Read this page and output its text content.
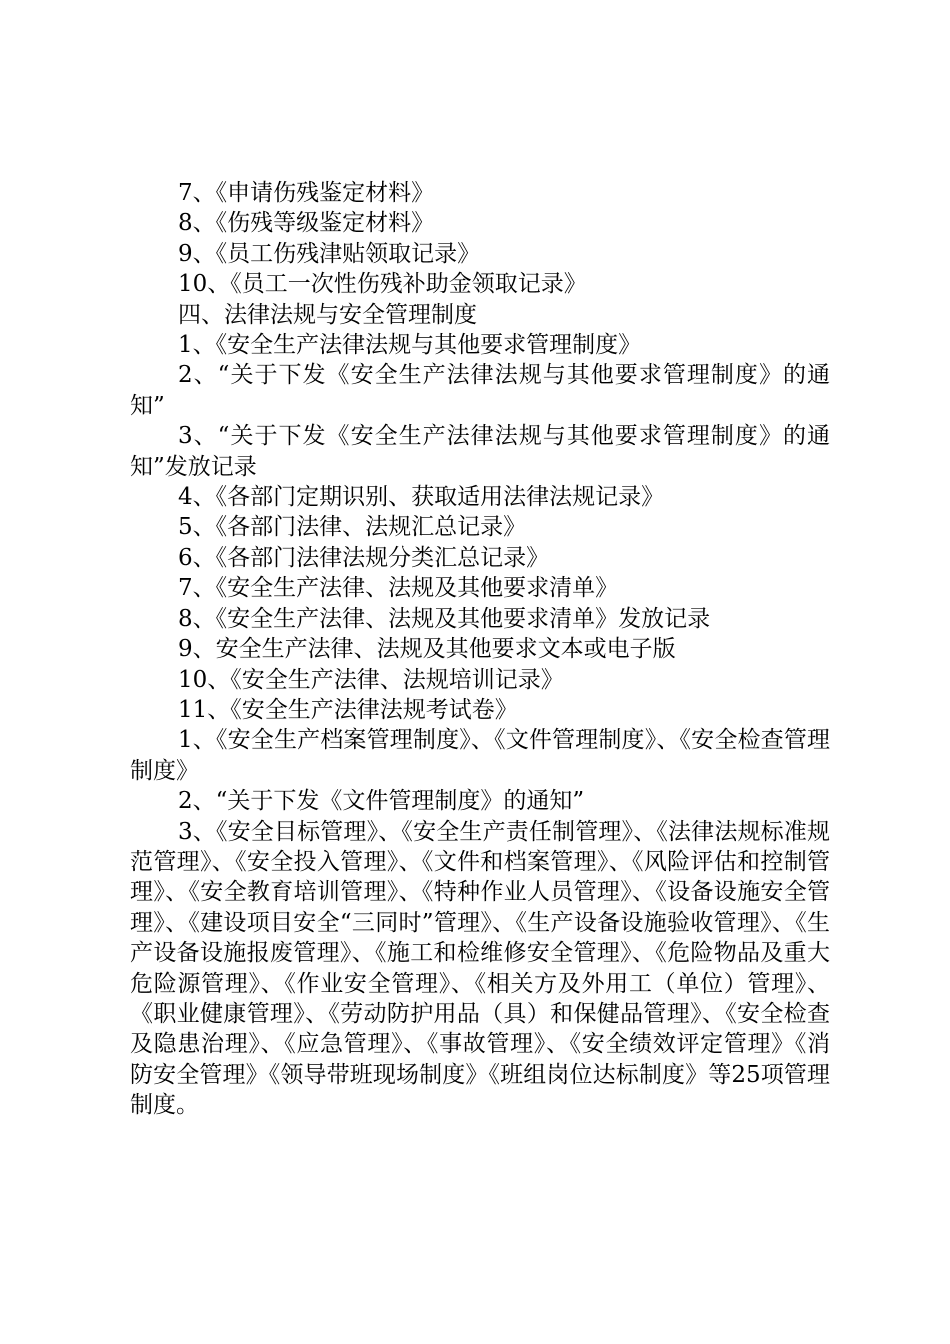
7、《申请伤残鉴定材料》

8、《伤残等级鉴定材料》

9、《员工伤残津贴领取记录》

10、《员工一次性伤残补助金领取记录》

四、法律法规与安全管理制度

1、《安全生产法律法规与其他要求管理制度》

2、“关于下发《安全生产法律法规与其他要求管理制度》的通知”

3、“关于下发《安全生产法律法规与其他要求管理制度》的通知”发放记录

4、《各部门定期识别、获取适用法律法规记录》

5、《各部门法律、法规汇总记录》

6、《各部门法律法规分类汇总记录》

7、《安全生产法律、法规及其他要求清单》

8、《安全生产法律、法规及其他要求清单》发放记录

9、安全生产法律、法规及其他要求文本或电子版

10、《安全生产法律、法规培训记录》

11、《安全生产法律法规考试卷》

1、《安全生产档案管理制度》、《文件管理制度》、《安全检查管理制度》

2、“关于下发《文件管理制度》的通知”

3、《安全目标管理》、《安全生产责任制管理》、《法律法规标准规范管理》、《安全投入管理》、《文件和档案管理》、《风险评估和控制管理》、《安全教育培训管理》、《特种作业人员管理》、《设备设施安全管理》、《建设项目安全“三同时”管理》、《生产设备设施验收管理》、《生产设备设施报废管理》、《施工和检维修安全管理》、《危险物品及重大危险源管理》、《作业安全管理》、《相关方及外用工（单位）管理》、《职业健康管理》、《劳动防护用品（具）和保健品管理》、《安全检查及隐患治理》、《应急管理》、《事故管理》、《安全绩效评定管理》《消防安全管理》《领导带班现场制度》《班组岗位达标制度》等25项管理制度。
